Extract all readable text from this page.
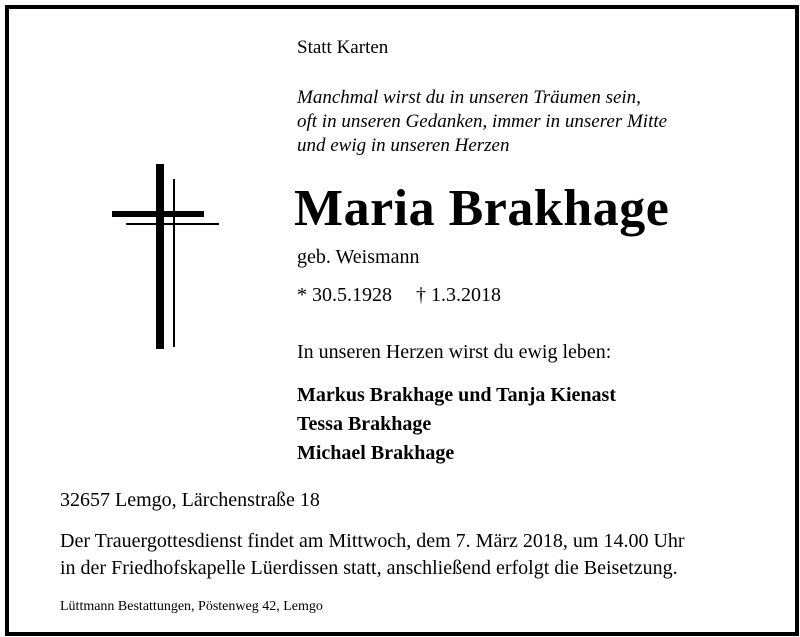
Statt Karten
Manchmal wirst du in unseren Träumen sein,
oft in unseren Gedanken, immer in unserer Mitte
und ewig in unseren Herzen
Maria Brakhage
geb. Weismann
* 30.5.1928 † 1.3.2018
In unseren Herzen wirst du ewig leben:
Markus Brakhage und Tanja Kienast
Tessa Brakhage
Michael Brakhage
32657 Lemgo, Lärchenstraße 18
Der Trauergottesdienst findet am Mittwoch, dem 7. März 2018, um 14.00 Uhr
in der Friedhofskapelle Lüerdissen statt, anschließend erfolgt die Beisetzung.
Lüttmann Bestattungen, Pöstenweg 42, Lemgo
